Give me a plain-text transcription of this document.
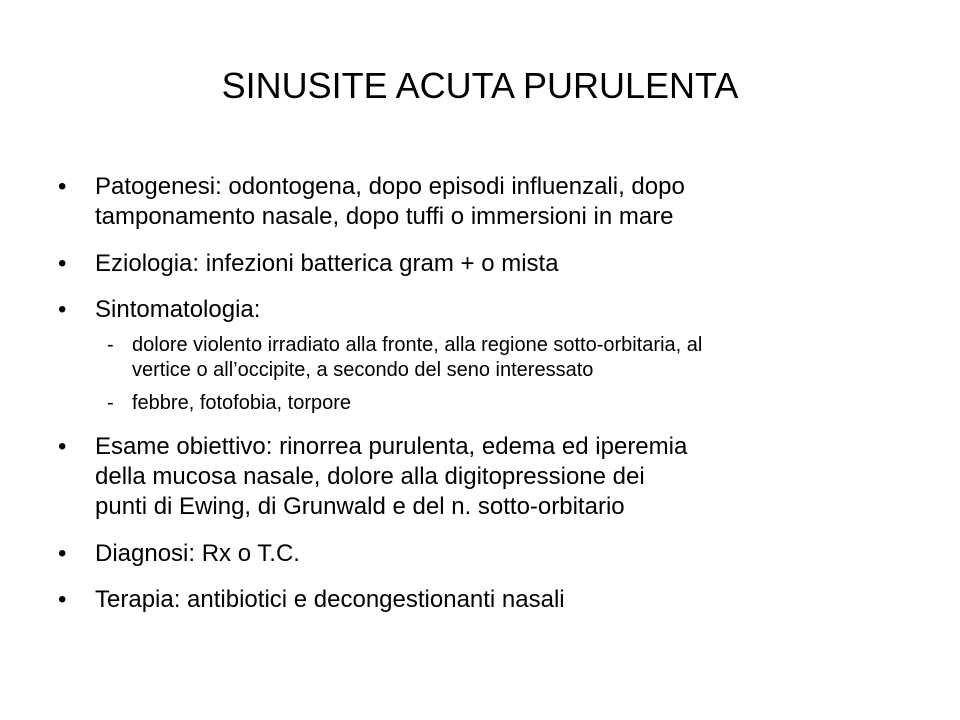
SINUSITE ACUTA PURULENTA
• Patogenesi: odontogena, dopo episodi influenzali, dopo
tamponamento nasale, dopo tuffi o immersioni in mare
• Eziologia: infezioni batterica gram + o mista
• Sintomatologia:
- dolore violento irradiato alla fronte, alla regione sotto-orbitaria, al
vertice o all’occipite, a secondo del seno interessato
- febbre, fotofobia, torpore
• Esame obiettivo: rinorrea purulenta, edema ed iperemia
della mucosa nasale, dolore alla digitopressione dei
punti di Ewing, di Grunwald e del n. sotto-orbitario
• Diagnosi: Rx o T.C.
• Terapia: antibiotici e decongestionanti nasali
